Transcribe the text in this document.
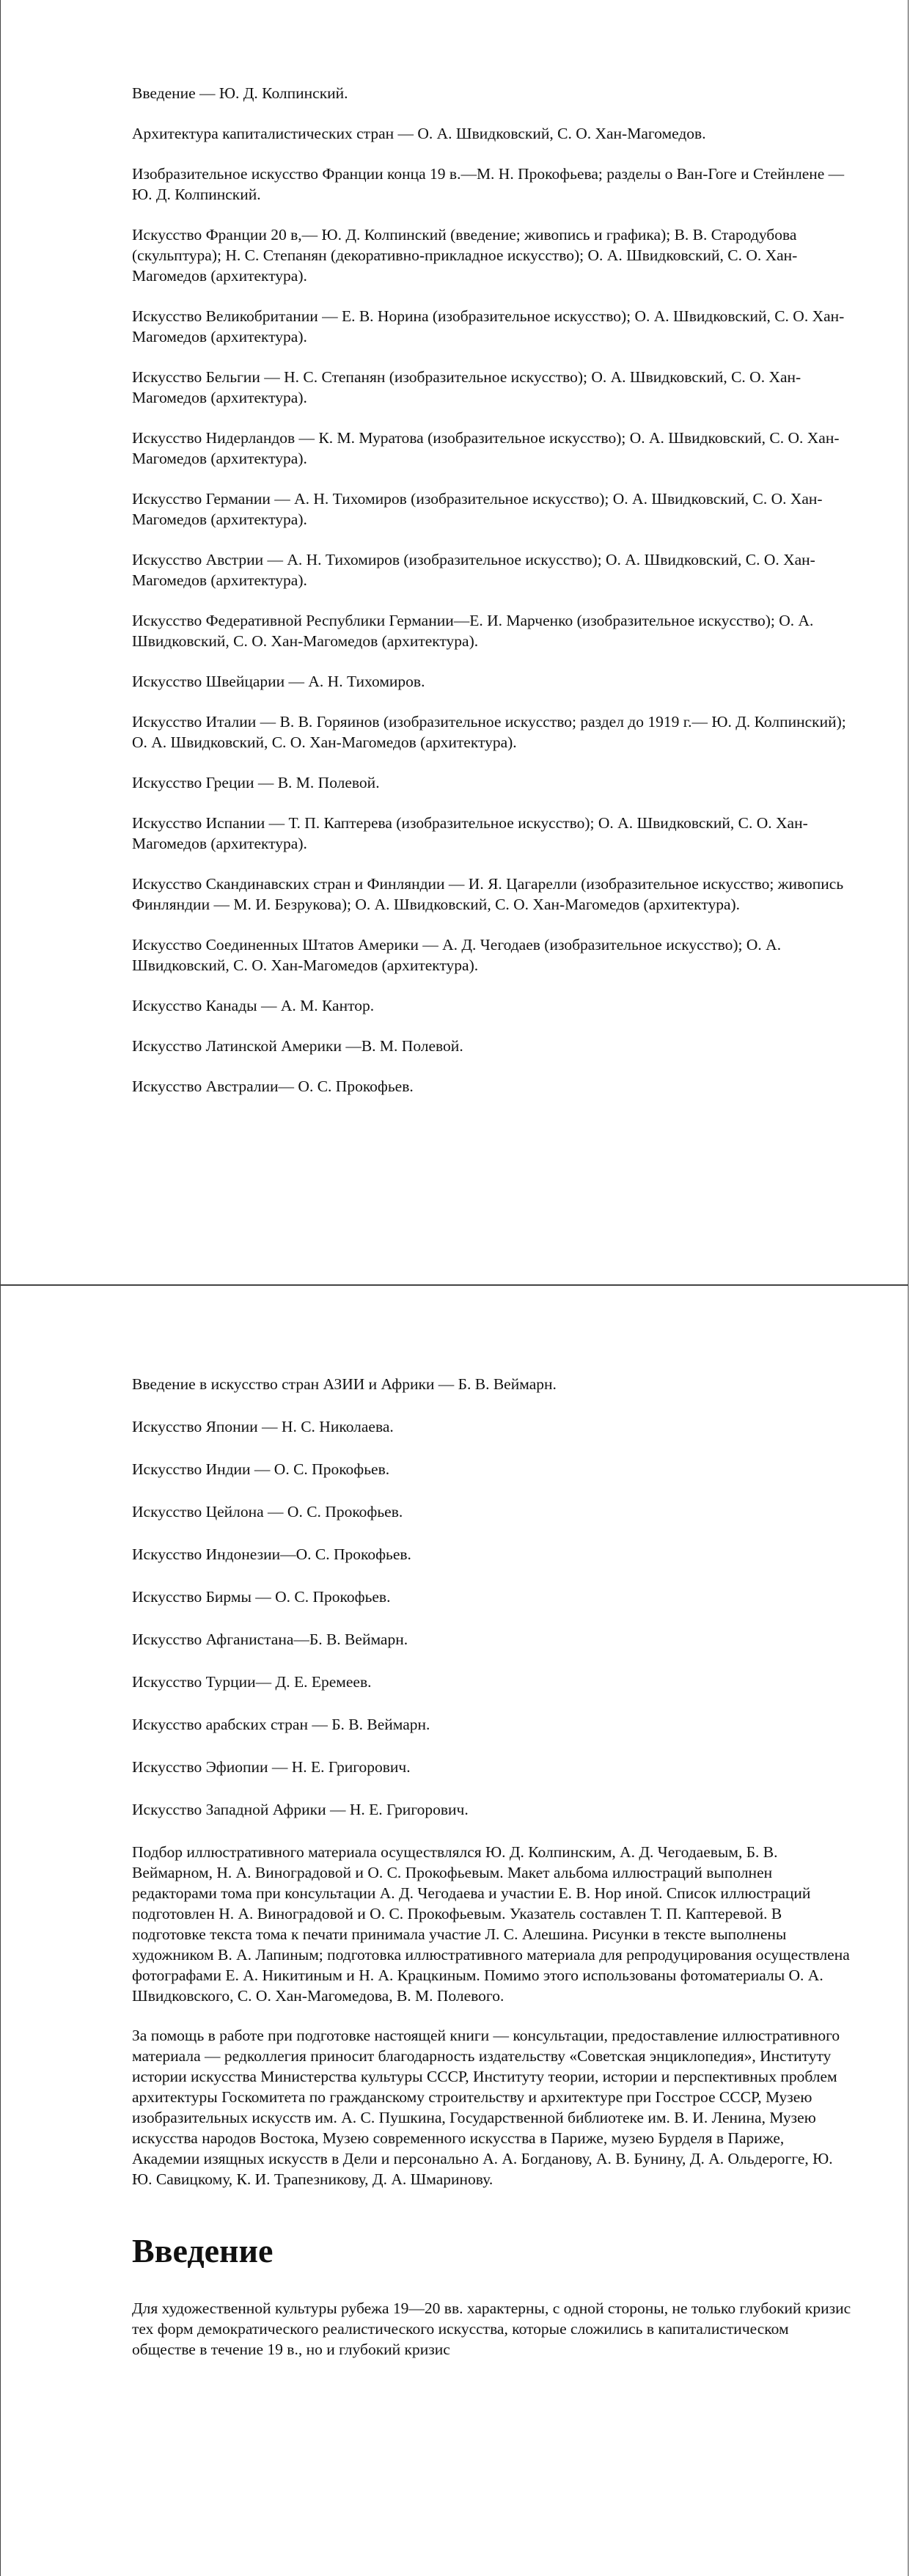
Введение — Ю. Д. Колпинский.

Архитектура капиталистических стран — О. А. Швидковский, С. О. Хан-Магомедов.

Изобразительное искусство Франции конца 19 в.—М. Н. Прокофьева; разделы о Ван-Гоге и Стейнлене — Ю. Д. Колпинский.

Искусство Франции 20 в,— Ю. Д. Колпинский (введение; живопись и графика); В. В. Стародубова (скульптура); Н. С. Степанян (декоративно-прикладное искусство); О. А. Швидковский, С. О. Хан-Магомедов (архитектура).

Искусство Великобритании — Е. В. Норина (изобразительное искусство); О. А. Швидковский, С. О. Хан-Магомедов (архитектура).

Искусство Бельгии — Н. С. Степанян (изобразительное искусство); О. А. Швидковский, С. О. Хан-Магомедов (архитектура).

Искусство Нидерландов — К. М. Муратова (изобразительное искусство); О. А. Швидковский, С. О. Хан-Магомедов (архитектура).

Искусство Германии — А. Н. Тихомиров (изобразительное искусство); О. А. Швидковский, С. О. Хан-Магомедов (архитектура).

Искусство Австрии — А. Н. Тихомиров (изобразительное искусство); О. А. Швидковский, С. О. Хан-Магомедов (архитектура).

Искусство Федеративной Республики Германии—Е. И. Марченко (изобразительное искусство); О. А. Швидковский, С. О. Хан-Магомедов (архитектура).

Искусство Швейцарии — А. Н. Тихомиров.

Искусство Италии — В. В. Горяинов (изобразительное искусство; раздел до 1919 г.— Ю. Д. Колпинский); О. А. Швидковский, С. О. Хан-Магомедов (архитектура).

Искусство Греции — В. М. Полевой.

Искусство Испании — Т. П. Каптерева (изобразительное искусство); О. А. Швидковский, С. О. Хан-Магомедов (архитектура).

Искусство Скандинавских стран и Финляндии — И. Я. Цагарелли (изобразительное искусство; живопись Финляндии — М. И. Безрукова); О. А. Швидковский, С. О. Хан-Магомедов (архитектура).

Искусство Соединенных Штатов Америки — А. Д. Чегодаев (изобразительное искусство); О. А. Швидковский, С. О. Хан-Магомедов (архитектура).

Искусство Канады — А. М. Кантор.

Искусство Латинской Америки —В. М. Полевой.

Искусство Австралии— О. С. Прокофьев.

Введение в искусство стран АЗИИ и Африки — Б. В. Веймарн.

Искусство Японии — Н. С. Николаева.

Искусство Индии — О. С. Прокофьев.

Искусство Цейлона — О. С. Прокофьев.

Искусство Индонезии—О. С. Прокофьев.

Искусство Бирмы — О. С. Прокофьев.

Искусство Афганистана—Б. В. Веймарн.

Искусство Турции— Д. Е. Еремеев.

Искусство арабских стран — Б. В. Веймарн.

Искусство Эфиопии — Н. Е. Григорович.

Искусство Западной Африки — Н. Е. Григорович.

Подбор иллюстративного материала осуществлялся Ю. Д. Колпинским, А. Д. Чегодаевым, Б. В. Веймарном, Н. А. Виноградовой и О. С. Прокофьевым. Макет альбома иллюстраций выполнен редакторами тома при консультации А. Д. Чегодаева и участии Е. В. Нор иной. Список иллюстраций подготовлен Н. А. Виноградовой и О. С. Прокофьевым. Указатель составлен Т. П. Каптеревой. В подготовке текста тома к печати принимала участие Л. С. Алешина. Рисунки в тексте выполнены художником В. А. Лапиным; подготовка иллюстративного материала для репродуцирования осуществлена фотографами Е. А. Никитиным и Н. А. Крацкиным. Помимо этого использованы фотоматериалы О. А. Швидковского, С. О. Хан-Магомедова, В. М. Полевого.

За помощь в работе при подготовке настоящей книги — консультации, предоставление иллюстративного материала — редколлегия приносит благодарность издательству «Советская энциклопедия», Институту истории искусства Министерства культуры СССР, Институту теории, истории и перспективных проблем архитектуры Госкомитета по гражданскому строительству и архитектуре при Госстрое СССР, Музею изобразительных искусств им. А. С. Пушкина, Государственной библиотеке им. В. И. Ленина, Музею искусства народов Востока, Музею современного искусства в Париже, музею Бурделя в Париже, Академии изящных искусств в Дели и персонально А. А. Богданову, А. В. Бунину, Д. А. Ольдерогге, Ю. Ю. Савицкому, К. И. Трапезникову, Д. А. Шмаринову.

Введение

Для художественной культуры рубежа 19—20 вв. характерны, с одной стороны, не только глубокий кризис тех форм демократического реалистического искусства, которые сложились в капиталистическом обществе в течение 19 в., но и глубокий кризис
